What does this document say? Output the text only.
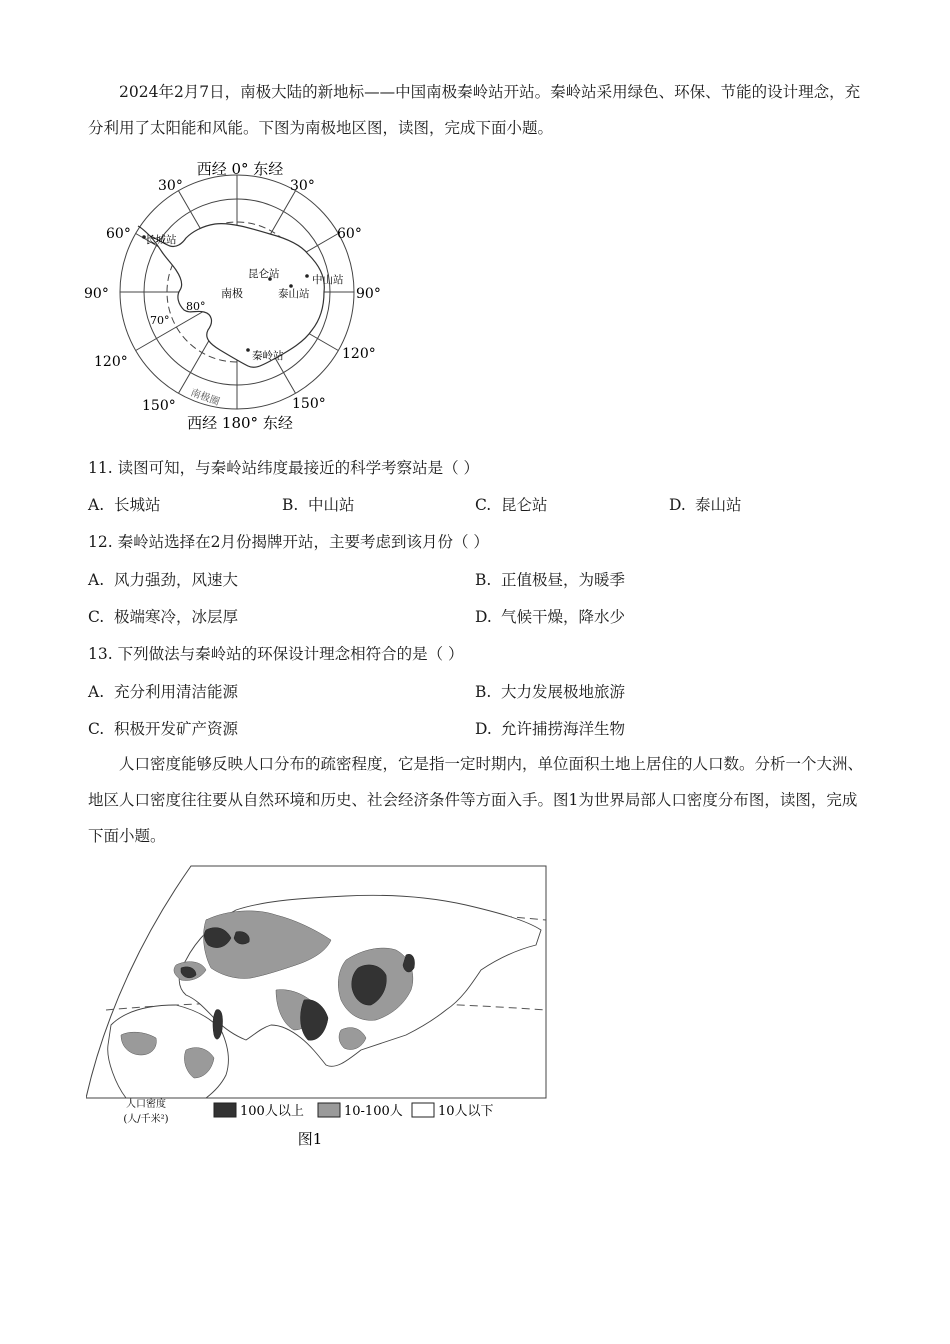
2024年2月7日，南极大陆的新地标——中国南极秦岭站开站。秦岭站采用绿色、环保、节能的设计理念，充分利用了太阳能和风能。下图为南极地区图，读图，完成下面小题。
西经 0° 东经
西经 180° 东经
30°	30°
60°	60°
90°	90°
120°	120°
150°	150°
80°
70°
长城站
昆仑站	中山站
泰山站
秦岭站
南极
南极圈
11. 读图可知，与秦岭站纬度最接近的科学考察站是（ ）
A. 长城站	B. 中山站	C. 昆仑站	D. 泰山站
12. 秦岭站选择在2月份揭牌开站，主要考虑到该月份（ ）
A. 风力强劲，风速大	B. 正值极昼，为暖季
C. 极端寒冷，冰层厚	D. 气候干燥，降水少
13. 下列做法与秦岭站的环保设计理念相符合的是（ ）
A. 充分利用清洁能源	B. 大力发展极地旅游
C. 积极开发矿产资源	D. 允许捕捞海洋生物
人口密度能够反映人口分布的疏密程度，它是指一定时期内，单位面积土地上居住的人口数。分析一个大洲、地区人口密度往往要从自然环境和历史、社会经济条件等方面入手。图1为世界局部人口密度分布图，读图，完成下面小题。
人口密度
(人/千米²)
100人以上	10-100人	10人以下
图1
